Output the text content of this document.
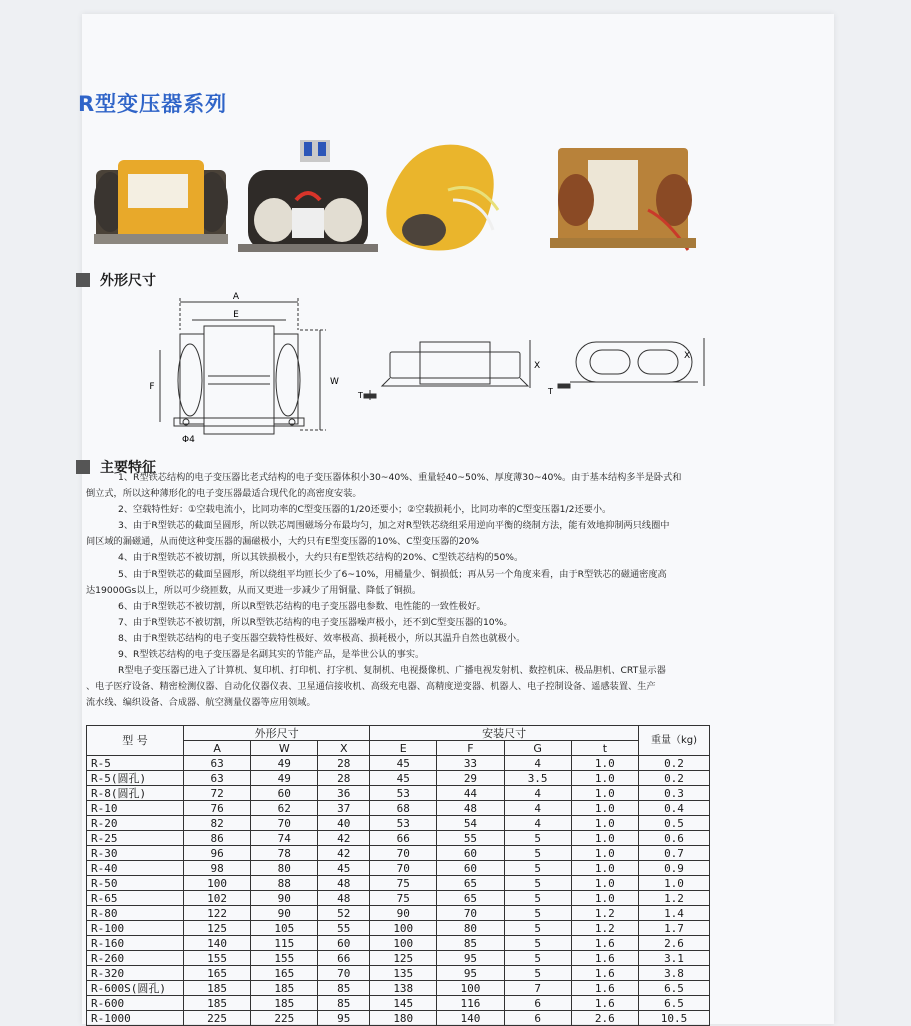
R型变压器系列
外形尺寸
A
E
F	W
Φ4
T
X
T
X
主要特征

1、R型铁芯结构的电子变压器比老式结构的电子变压器体积小30~40%、重量轻40~50%、厚度薄30~40%。由于基本结构多半是卧式和

倒立式，所以这种薄形化的电子变压器最适合现代化的高密度安装。

2、空载特性好：①空载电流小，比同功率的C型变压器的1/20还要小；②空载损耗小，比同功率的C型变压器1/2还要小。

3、由于R型铁芯的截面呈圆形，所以铁芯周围磁场分布最均匀，加之对R型铁芯绕组采用逆向平衡的绕制方法，能有效地抑制两只线圈中

间区域的漏磁通，从而使这种变压器的漏磁极小，大约只有E型变压器的10%、C型变压器的20%

4、由于R型铁芯不被切割，所以其铁损极小，大约只有E型铁芯结构的20%、C型铁芯结构的50%。

5、由于R型铁芯的截面呈圆形，所以绕组平均匝长少了6~10%，用桶量少、铜损低；再从另一个角度来看，由于R型铁芯的磁通密度高

达19000Gs以上，所以可少绕匝数，从而又更进一步减少了用铜量、降低了铜损。

6、由于R型铁芯不被切割，所以R型铁芯结构的电子变压器电参数、电性能的一致性极好。

7、由于R型铁芯不被切割，所以R型铁芯结构的电子变压器噪声极小，还不到C型变压器的10%。

8、由于R型铁芯结构的电子变压器空载特性极好、效率极高、损耗极小，所以其温升自然也就极小。

9、R型铁芯结构的电子变压器是名副其实的节能产品，是举世公认的事实。

R型电子变压器已进入了计算机、复印机、打印机、打字机、复制机、电视摄像机、广播电视发射机、数控机床、极品胆机、CRT显示器

、电子医疗设备、精密检测仪器、自动化仪器仪表、卫星通信接收机、高级充电器、高精度逆变器、机器人、电子控制设备、遥感装置、生产

流水线、编织设备、合成器、航空测量仪器等应用领域。

型 号	外形尺寸			安装尺寸				重量（kg)
	A	W	X	E	F	G	t	
R-5	63	49	28	45	33	4	1.0	0.2
R-5(圆孔)	63	49	28	45	29	3.5	1.0	0.2
R-8(圆孔)	72	60	36	53	44	4	1.0	0.3
R-10	76	62	37	68	48	4	1.0	0.4
R-20	82	70	40	53	54	4	1.0	0.5
R-25	86	74	42	66	55	5	1.0	0.6
R-30	96	78	42	70	60	5	1.0	0.7
R-40	98	80	45	70	60	5	1.0	0.9
R-50	100	88	48	75	65	5	1.0	1.0
R-65	102	90	48	75	65	5	1.0	1.2
R-80	122	90	52	90	70	5	1.2	1.4
R-100	125	105	55	100	80	5	1.2	1.7
R-160	140	115	60	100	85	5	1.6	2.6
R-260	155	155	66	125	95	5	1.6	3.1
R-320	165	165	70	135	95	5	1.6	3.8
R-600S(圆孔)	185	185	85	138	100	7	1.6	6.5
R-600	185	185	85	145	116	6	1.6	6.5
R-1000	225	225	95	180	140	6	2.6	10.5
